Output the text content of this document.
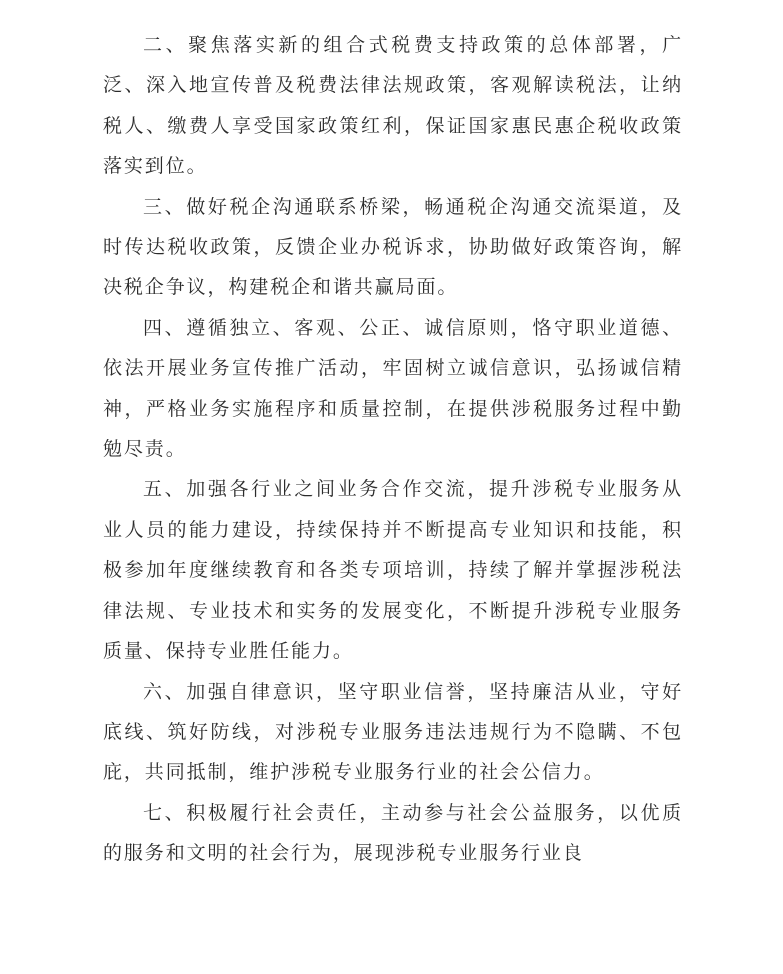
二、聚焦落实新的组合式税费支持政策的总体部署，广泛、深入地宣传普及税费法律法规政策，客观解读税法，让纳税人、缴费人享受国家政策红利，保证国家惠民惠企税收政策落实到位。

三、做好税企沟通联系桥梁，畅通税企沟通交流渠道，及时传达税收政策，反馈企业办税诉求，协助做好政策咨询，解决税企争议，构建税企和谐共赢局面。

四、遵循独立、客观、公正、诚信原则，恪守职业道德、依法开展业务宣传推广活动，牢固树立诚信意识，弘扬诚信精神，严格业务实施程序和质量控制，在提供涉税服务过程中勤勉尽责。

五、加强各行业之间业务合作交流，提升涉税专业服务从业人员的能力建设，持续保持并不断提高专业知识和技能，积极参加年度继续教育和各类专项培训，持续了解并掌握涉税法律法规、专业技术和实务的发展变化，不断提升涉税专业服务质量、保持专业胜任能力。

六、加强自律意识，坚守职业信誉，坚持廉洁从业，守好底线、筑好防线，对涉税专业服务违法违规行为不隐瞒、不包庇，共同抵制，维护涉税专业服务行业的社会公信力。

七、积极履行社会责任，主动参与社会公益服务，以优质的服务和文明的社会行为，展现涉税专业服务行业良
